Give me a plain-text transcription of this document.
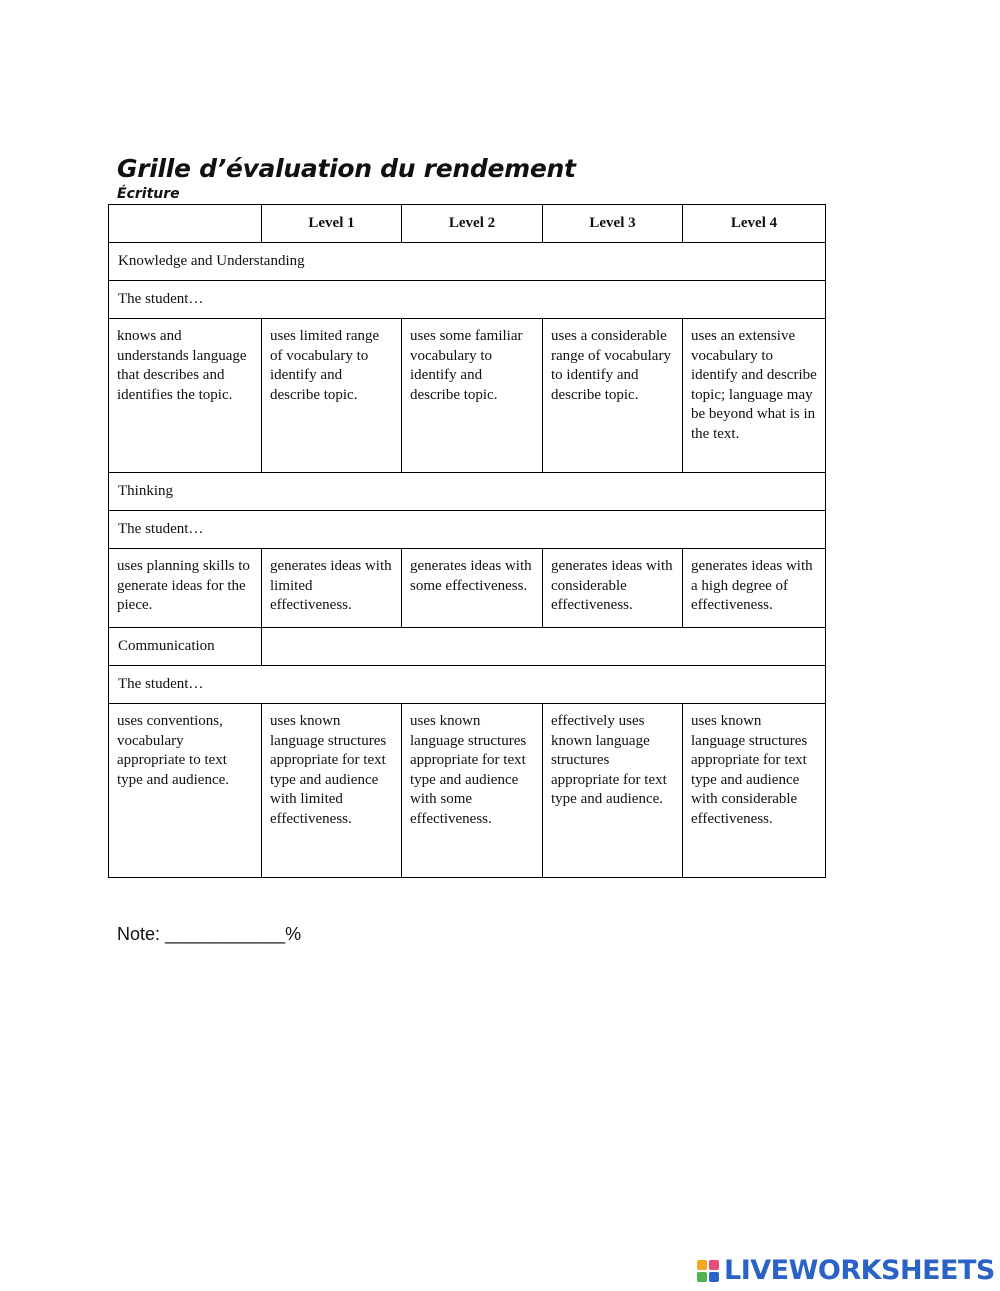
Grille d’évaluation du rendement
Écriture
	Level 1	Level 2	Level 3	Level 4
Knowledge and Understanding				
The student…				
knows and understands language that describes and identifies the topic.	uses limited range of vocabulary to identify and describe topic.	uses some familiar vocabulary to identify and describe topic.	uses a considerable range of vocabulary to identify and describe topic.	uses an extensive vocabulary to identify and describe topic; language may be beyond what is in the text.
Thinking				
The student…				
uses planning skills to generate ideas for the piece.	generates ideas with limited effectiveness.	generates ideas with some effectiveness.	generates ideas with considerable effectiveness.	generates ideas with a high degree of effectiveness.
Communication				
The student…				
uses conventions, vocabulary appropriate to text type and audience.	uses known language structures appropriate for text type and audience with limited effectiveness.	uses known language structures appropriate for text type and audience with some effectiveness.	effectively uses known language structures appropriate for text type and audience.	uses known language structures appropriate for text type and audience with considerable effectiveness.

Note: ____________%

LIVEWORKSHEETS
